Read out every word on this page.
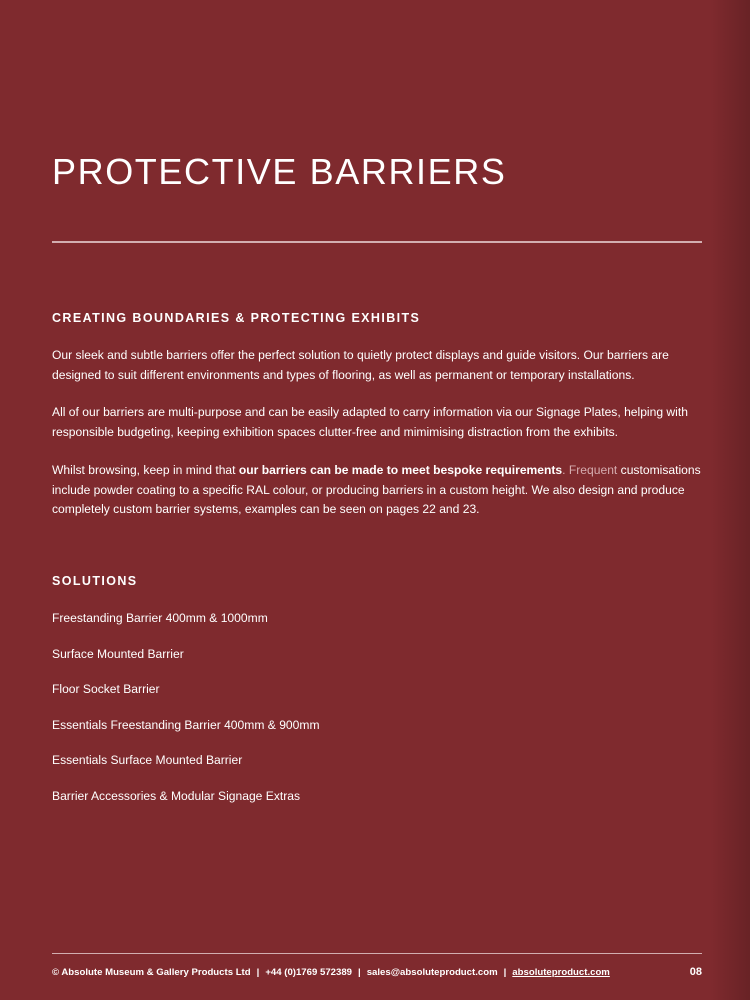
PROTECTIVE BARRIERS
CREATING BOUNDARIES & PROTECTING EXHIBITS

Our sleek and subtle barriers offer the perfect solution to quietly protect displays and guide visitors. Our barriers are designed to suit different environments and types of flooring, as well as permanent or temporary installations.

All of our barriers are multi-purpose and can be easily adapted to carry information via our Signage Plates, helping with responsible budgeting, keeping exhibition spaces clutter-free and mimimising distraction from the exhibits.

Whilst browsing, keep in mind that our barriers can be made to meet bespoke requirements. Frequent customisations include powder coating to a specific RAL colour, or producing barriers in a custom height. We also design and produce completely custom barrier systems, examples can be seen on pages 22 and 23.

SOLUTIONS
Freestanding Barrier 400mm & 1000mm
Surface Mounted Barrier
Floor Socket Barrier
Essentials Freestanding Barrier 400mm & 900mm
Essentials Surface Mounted Barrier
Barrier Accessories & Modular Signage Extras
© Absolute Museum & Gallery Products Ltd | +44 (0)1769 572389 | sales@absoluteproduct.com | absoluteproduct.com	08
